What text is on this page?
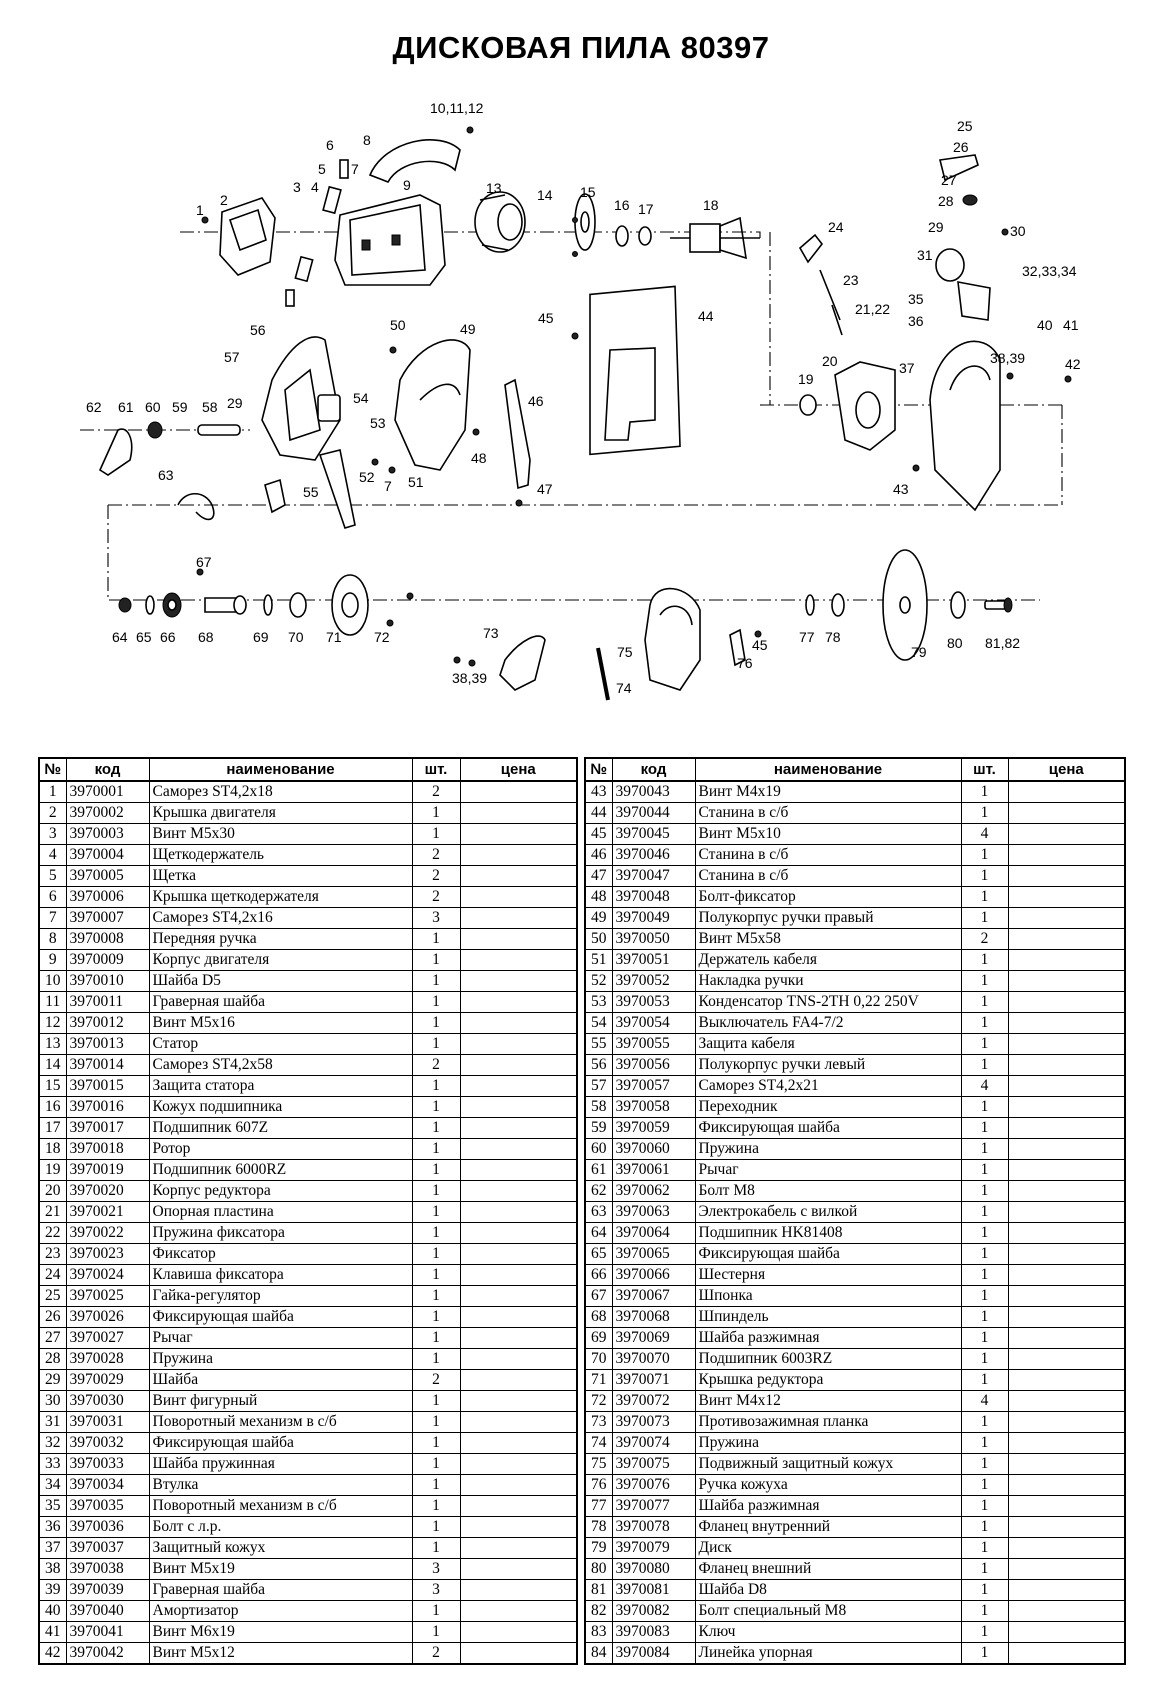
ДИСКОВАЯ ПИЛА 80397
1
2
3 4
5
6
7
8
9
10,11,12
13	14 15
16 17	18
19
20
21,22
23
24
25
26
27
28
29	30
31
32,33,34
35
36
37
38,39
40 41
42
43
44
45
46
47
48
49
50
51
52
53
54
55
56
57
58 29
59
60
61
62
63
7
64 65 66
67
68	69 70 71 72	73
38,39
74
75
76
45 77 78
79
80 81,82
№	код	наименование	шт.	цена
1	3970001	Саморез ST4,2x18	2	
2	3970002	Крышка двигателя	1	
3	3970003	Винт M5x30	1	
4	3970004	Щеткодержатель	2	
5	3970005	Щетка	2	
6	3970006	Крышка щеткодержателя	2	
7	3970007	Саморез ST4,2x16	3	
8	3970008	Передняя ручка	1	
9	3970009	Корпус двигателя	1	
10	3970010	Шайба D5	1	
11	3970011	Граверная шайба	1	
12	3970012	Винт M5x16	1	
13	3970013	Статор	1	
14	3970014	Саморез ST4,2x58	2	
15	3970015	Защита статора	1	
16	3970016	Кожух подшипника	1	
17	3970017	Подшипник 607Z	1	
18	3970018	Ротор	1	
19	3970019	Подшипник 6000RZ	1	
20	3970020	Корпус редуктора	1	
21	3970021	Опорная пластина	1	
22	3970022	Пружина фиксатора	1	
23	3970023	Фиксатор	1	
24	3970024	Клавиша фиксатора	1	
25	3970025	Гайка-регулятор	1	
26	3970026	Фиксирующая шайба	1	
27	3970027	Рычаг	1	
28	3970028	Пружина	1	
29	3970029	Шайба	2	
30	3970030	Винт фигурный	1	
31	3970031	Поворотный механизм в с/б	1	
32	3970032	Фиксирующая шайба	1	
33	3970033	Шайба пружинная	1	
34	3970034	Втулка	1	
35	3970035	Поворотный механизм в с/б	1	
36	3970036	Болт с л.р.	1	
37	3970037	Защитный кожух	1	
38	3970038	Винт M5x19	3	
39	3970039	Граверная шайба	3	
40	3970040	Амортизатор	1	
41	3970041	Винт M6x19	1	
42	3970042	Винт M5x12	2	
№	код	наименование	шт.	цена
43	3970043	Винт M4x19	1	
44	3970044	Станина в с/б	1	
45	3970045	Винт M5x10	4	
46	3970046	Станина в с/б	1	
47	3970047	Станина в с/б	1	
48	3970048	Болт-фиксатор	1	
49	3970049	Полукорпус ручки правый	1	
50	3970050	Винт M5x58	2	
51	3970051	Держатель кабеля	1	
52	3970052	Накладка ручки	1	
53	3970053	Конденсатор TNS-2TH 0,22 250V	1	
54	3970054	Выключатель FA4-7/2	1	
55	3970055	Защита кабеля	1	
56	3970056	Полукорпус ручки левый	1	
57	3970057	Саморез ST4,2x21	4	
58	3970058	Переходник	1	
59	3970059	Фиксирующая шайба	1	
60	3970060	Пружина	1	
61	3970061	Рычаг	1	
62	3970062	Болт M8	1	
63	3970063	Электрокабель с вилкой	1	
64	3970064	Подшипник HK81408	1	
65	3970065	Фиксирующая шайба	1	
66	3970066	Шестерня	1	
67	3970067	Шпонка	1	
68	3970068	Шпиндель	1	
69	3970069	Шайба разжимная	1	
70	3970070	Подшипник 6003RZ	1	
71	3970071	Крышка редуктора	1	
72	3970072	Винт M4x12	4	
73	3970073	Противозажимная планка	1	
74	3970074	Пружина	1	
75	3970075	Подвижный защитный кожух	1	
76	3970076	Ручка кожуха	1	
77	3970077	Шайба разжимная	1	
78	3970078	Фланец внутренний	1	
79	3970079	Диск	1	
80	3970080	Фланец внешний	1	
81	3970081	Шайба D8	1	
82	3970082	Болт специальный M8	1	
83	3970083	Ключ	1	
84	3970084	Линейка упорная	1	
